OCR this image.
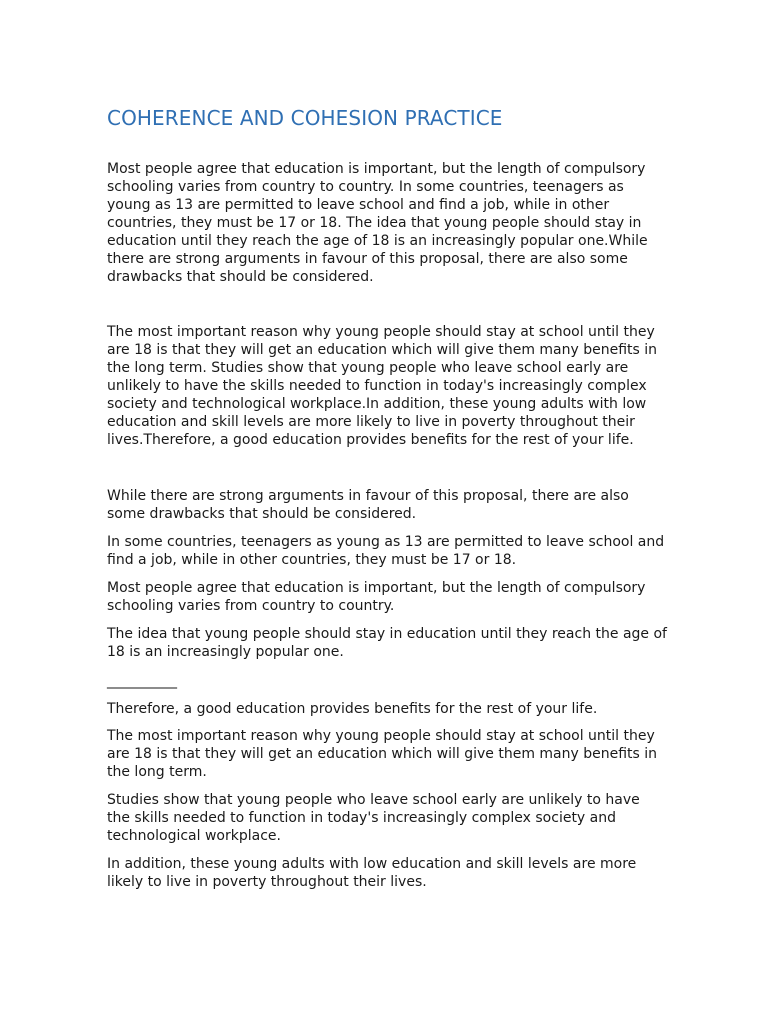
COHERENCE AND COHESION PRACTICE

Most people agree that education is important, but the length of compulsory schooling varies from country to country. In some countries, teenagers as young as 13 are permitted to leave school and find a job, while in other countries, they must be 17 or 18. The idea that young people should stay in education until they reach the age of 18 is an increasingly popular one.While there are strong arguments in favour of this proposal, there are also some drawbacks that should be considered.

The most important reason why young people should stay at school until they are 18 is that they will get an education which will give them many benefits in the long term. Studies show that young people who leave school early are unlikely to have the skills needed to function in today's increasingly complex society and technological workplace.In addition, these young adults with low education and skill levels are more likely to live in poverty throughout their lives.Therefore, a good education provides benefits for the rest of your life.

While there are strong arguments in favour of this proposal, there are also some drawbacks that should be considered.

In some countries, teenagers as young as 13 are permitted to leave school and find a job, while in other countries, they must be 17 or 18.

Most people agree that education is important, but the length of compulsory schooling varies from country to country.

The idea that young people should stay in education until they reach the age of 18 is an increasingly popular one.

__________

Therefore, a good education provides benefits for the rest of your life.

The most important reason why young people should stay at school until they are 18 is that they will get an education which will give them many benefits in the long term.

Studies show that young people who leave school early are unlikely to have the skills needed to function in today's increasingly complex society and technological workplace.

In addition, these young adults with low education and skill levels are more likely to live in poverty throughout their lives.
